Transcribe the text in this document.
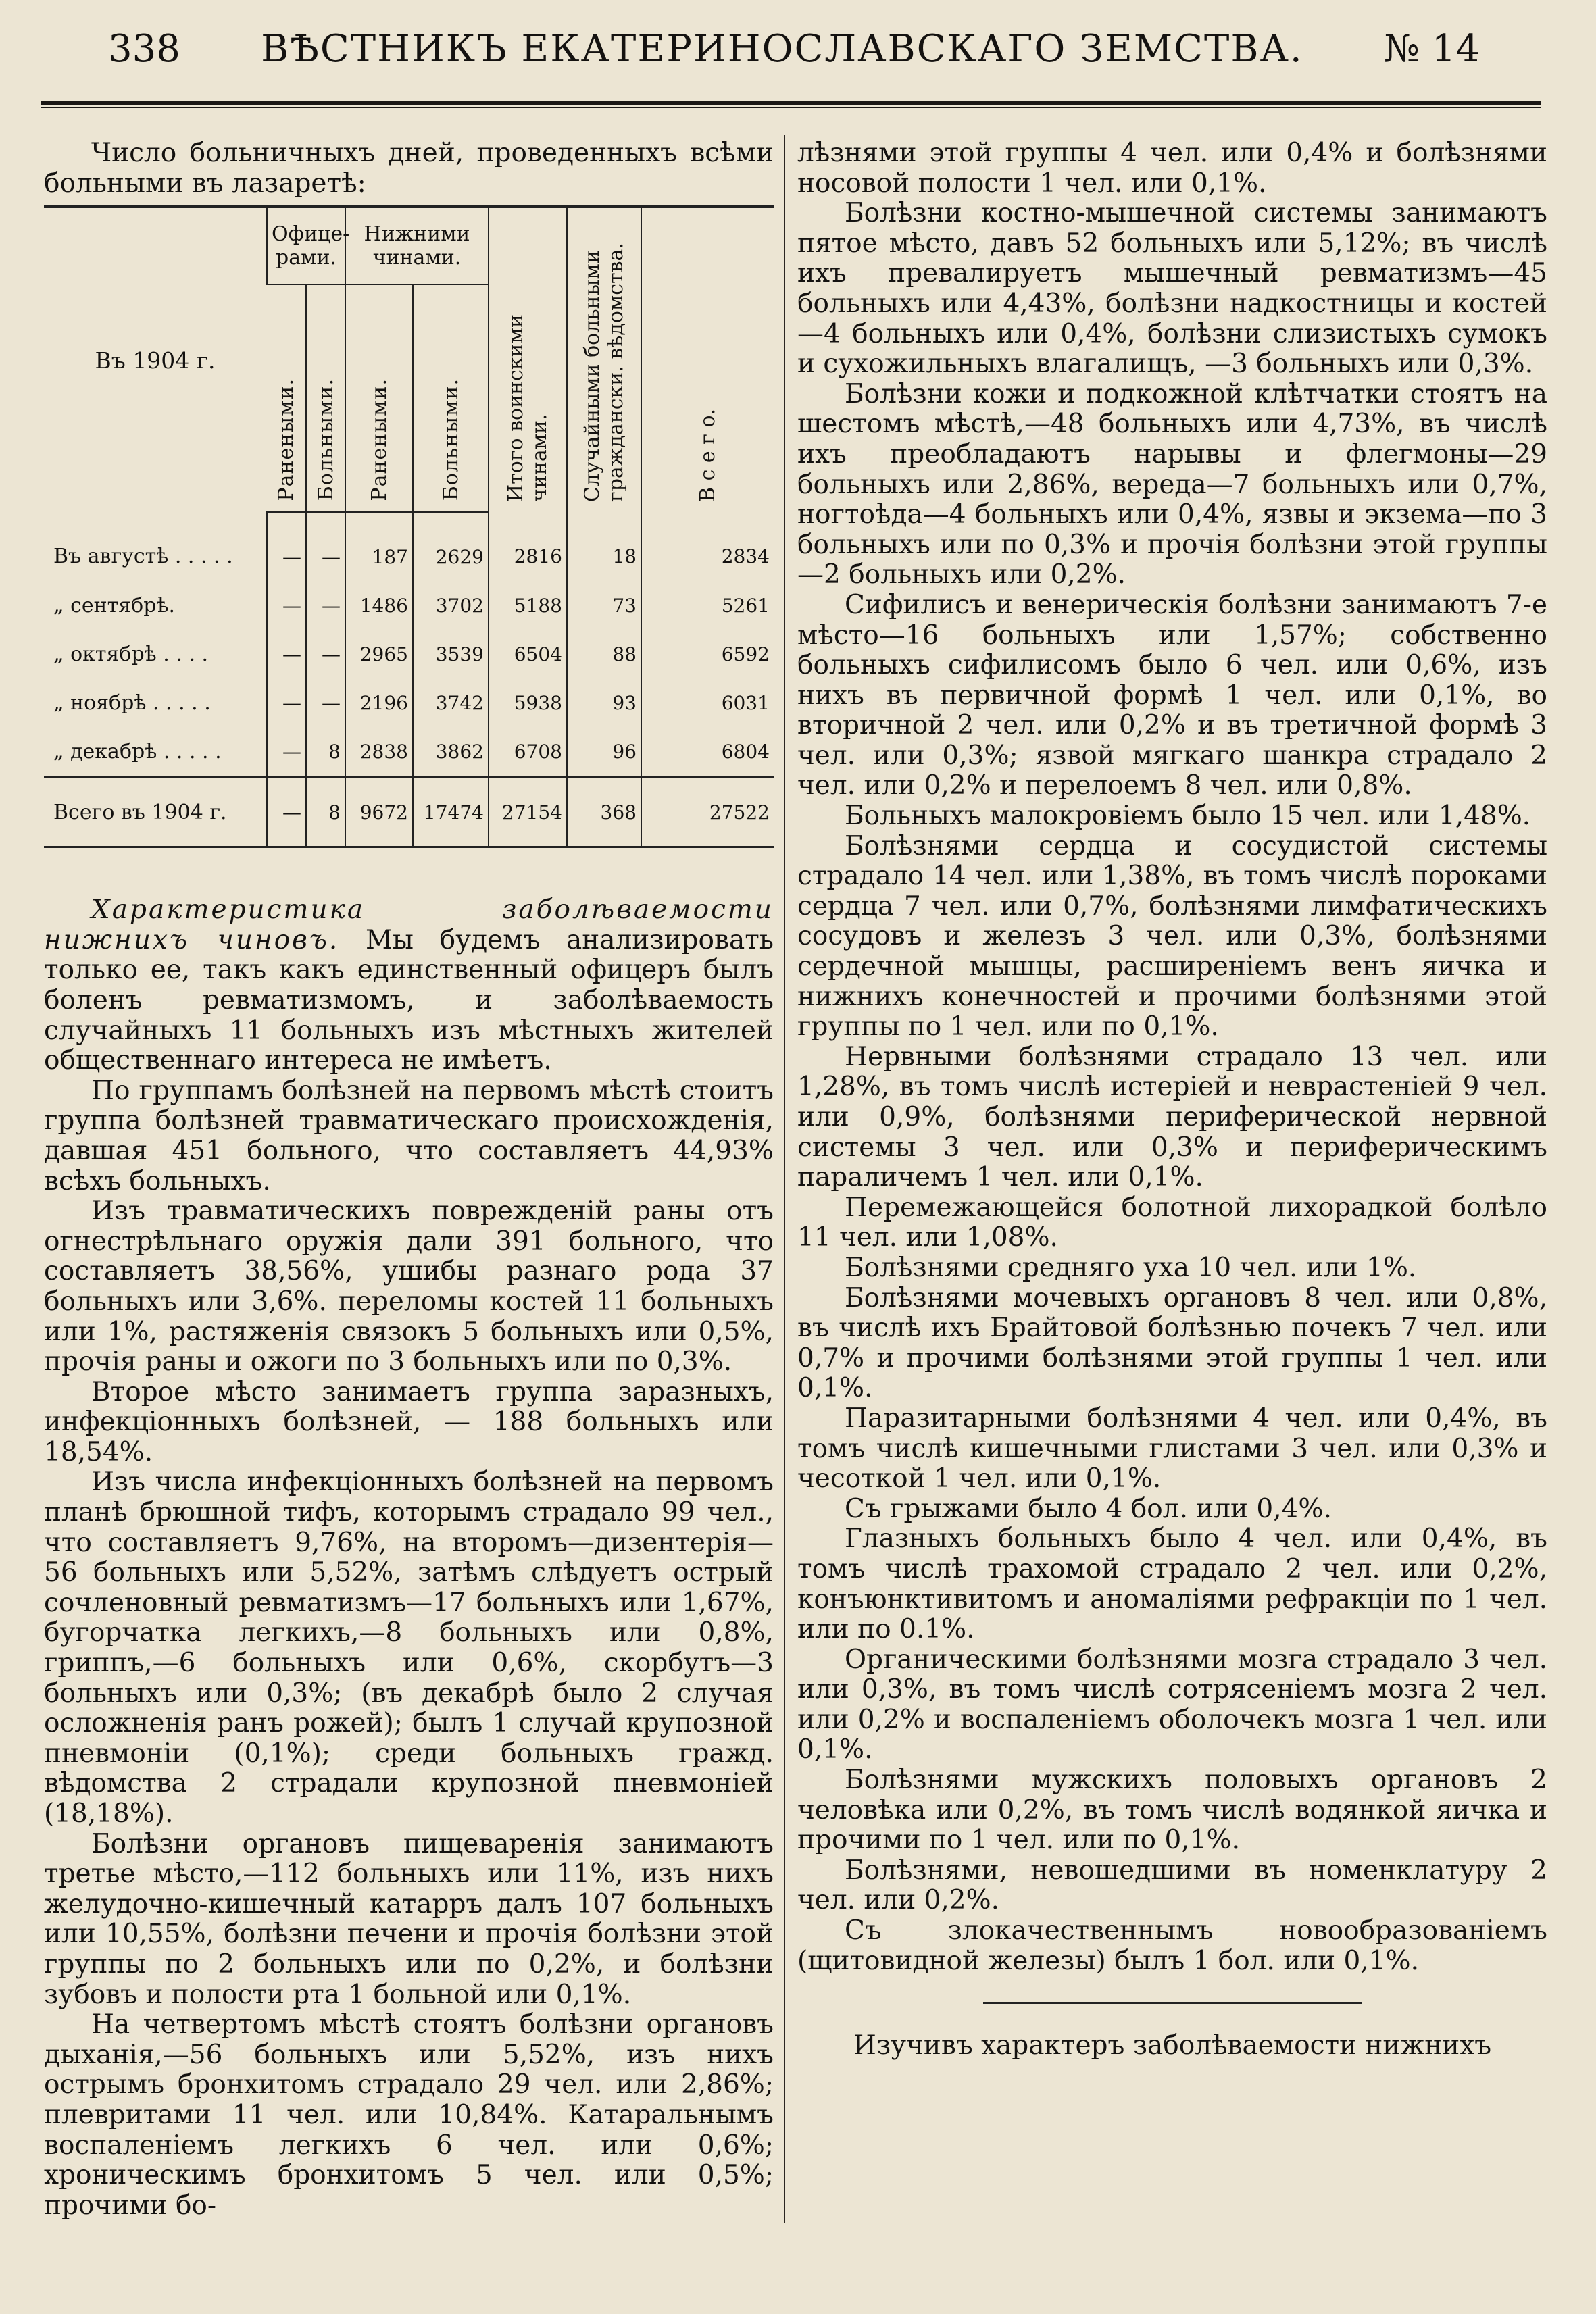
338 ВѢСТНИКЪ ЕКАТЕРИНОСЛАВСКАГО ЗЕМСТВА. № 14

Число больничныхъ дней, проведенныхъ всѣми больными въ лазаретѣ:

Въ 1904 г.	Офице-рами.		Нижними чинами.		Итого воинскими чинами.	Случайными больными граждански. вѣдомства.	В с е г о.
	Ранеными.	Больными.	Ранеными.	Больными.			
Въ августѣ . . . . .	—	—	187	2629	2816	18	2834
„ сентябрѣ.	—	—	1486	3702	5188	73	5261
„ октябрѣ . . . .	—	—	2965	3539	6504	88	6592
„ ноябрѣ . . . . .	—	—	2196	3742	5938	93	6031
„ декабрѣ . . . . .	—	8	2838	3862	6708	96	6804
Всего въ 1904 г.	—	8	9672	17474	27154	368	27522

Характеристика заболѣваемости нижнихъ чиновъ. Мы будемъ анализировать только ее, такъ какъ единственный офицеръ былъ боленъ ревматизмомъ, и заболѣваемость случайныхъ 11 больныхъ изъ мѣстныхъ жителей общественнаго интереса не имѣетъ.

По группамъ болѣзней на первомъ мѣстѣ стоитъ группа болѣзней травматическаго происхожденія, давшая 451 больного, что составляетъ 44,93% всѣхъ больныхъ.

Изъ травматическихъ поврежденій раны отъ огнестрѣльнаго оружія дали 391 больного, что составляетъ 38,56%, ушибы разнаго рода 37 больныхъ или 3,6%. переломы костей 11 больныхъ или 1%, растяженія связокъ 5 больныхъ или 0,5%, прочія раны и ожоги по 3 больныхъ или по 0,3%.

Второе мѣсто занимаетъ группа заразныхъ, инфекціонныхъ болѣзней, — 188 больныхъ или 18,54%.

Изъ числа инфекціонныхъ болѣзней на первомъ планѣ брюшной тифъ, которымъ страдало 99 чел., что составляетъ 9,76%, на второмъ—дизентерія—56 больныхъ или 5,52%, затѣмъ слѣдуетъ острый сочленовный ревматизмъ—17 больныхъ или 1,67%, бугорчатка легкихъ,—8 больныхъ или 0,8%, гриппъ,—6 больныхъ или 0,6%, скорбутъ—3 больныхъ или 0,3%; (въ декабрѣ было 2 случая осложненія ранъ рожей); былъ 1 случай крупозной пневмоніи (0,1%); среди больныхъ гражд. вѣдомства 2 страдали крупозной пневмоніей (18,18%).

Болѣзни органовъ пищеваренія занимаютъ третье мѣсто,—112 больныхъ или 11%, изъ нихъ желудочно-кишечный катарръ далъ 107 больныхъ или 10,55%, болѣзни печени и прочія болѣзни этой группы по 2 больныхъ или по 0,2%, и болѣзни зубовъ и полости рта 1 больной или 0,1%.

На четвертомъ мѣстѣ стоятъ болѣзни органовъ дыханія,—56 больныхъ или 5,52%, изъ нихъ острымъ бронхитомъ страдало 29 чел. или 2,86%; плевритами 11 чел. или 10,84%. Катаральнымъ воспаленіемъ легкихъ 6 чел. или 0,6%; хроническимъ бронхитомъ 5 чел. или 0,5%; прочими бо-

лѣзнями этой группы 4 чел. или 0,4% и болѣзнями носовой полости 1 чел. или 0,1%.

Болѣзни костно-мышечной системы занимаютъ пятое мѣсто, давъ 52 больныхъ или 5,12%; въ числѣ ихъ превалируетъ мышечный ревматизмъ—45 больныхъ или 4,43%, болѣзни надкостницы и костей—4 больныхъ или 0,4%, болѣзни слизистыхъ сумокъ и сухожильныхъ влагалищъ, —3 больныхъ или 0,3%.

Болѣзни кожи и подкожной клѣтчатки стоятъ на шестомъ мѣстѣ,—48 больныхъ или 4,73%, въ числѣ ихъ преобладаютъ нарывы и флегмоны—29 больныхъ или 2,86%, вереда—7 больныхъ или 0,7%, ногтоѣда—4 больныхъ или 0,4%, язвы и экзема—по 3 больныхъ или по 0,3% и прочія болѣзни этой группы—2 больныхъ или 0,2%.

Сифилисъ и венерическія болѣзни занимаютъ 7-е мѣсто—16 больныхъ или 1,57%; собственно больныхъ сифилисомъ было 6 чел. или 0,6%, изъ нихъ въ первичной формѣ 1 чел. или 0,1%, во вторичной 2 чел. или 0,2% и въ третичной формѣ 3 чел. или 0,3%; язвой мягкаго шанкра страдало 2 чел. или 0,2% и перелоемъ 8 чел. или 0,8%.

Больныхъ малокровіемъ было 15 чел. или 1,48%.

Болѣзнями сердца и сосудистой системы страдало 14 чел. или 1,38%, въ томъ числѣ пороками сердца 7 чел. или 0,7%, болѣзнями лимфатическихъ сосудовъ и железъ 3 чел. или 0,3%, болѣзнями сердечной мышцы, расширеніемъ венъ яичка и нижнихъ конечностей и прочими болѣзнями этой группы по 1 чел. или по 0,1%.

Нервными болѣзнями страдало 13 чел. или 1,28%, въ томъ числѣ истеріей и неврастеніей 9 чел. или 0,9%, болѣзнями периферической нервной системы 3 чел. или 0,3% и периферическимъ параличемъ 1 чел. или 0,1%.

Перемежающейся болотной лихорадкой болѣло 11 чел. или 1,08%.

Болѣзнями средняго уха 10 чел. или 1%.

Болѣзнями мочевыхъ органовъ 8 чел. или 0,8%, въ числѣ ихъ Брайтовой болѣзнью почекъ 7 чел. или 0,7% и прочими болѣзнями этой группы 1 чел. или 0,1%.

Паразитарными болѣзнями 4 чел. или 0,4%, въ томъ числѣ кишечными глистами 3 чел. или 0,3% и чесоткой 1 чел. или 0,1%.

Съ грыжами было 4 бол. или 0,4%.

Глазныхъ больныхъ было 4 чел. или 0,4%, въ томъ числѣ трахомой страдало 2 чел. или 0,2%, конъюнктивитомъ и аномаліями рефракціи по 1 чел. или по 0.1%.

Органическими болѣзнями мозга страдало 3 чел. или 0,3%, въ томъ числѣ сотрясеніемъ мозга 2 чел. или 0,2% и воспаленіемъ оболочекъ мозга 1 чел. или 0,1%.

Болѣзнями мужскихъ половыхъ органовъ 2 человѣка или 0,2%, въ томъ числѣ водянкой яичка и прочими по 1 чел. или по 0,1%.

Болѣзнями, невошедшими въ номенклатуру 2 чел. или 0,2%.

Съ злокачественнымъ новообразованіемъ (щитовидной железы) былъ 1 бол. или 0,1%.

Изучивъ характеръ заболѣваемости нижнихъ
